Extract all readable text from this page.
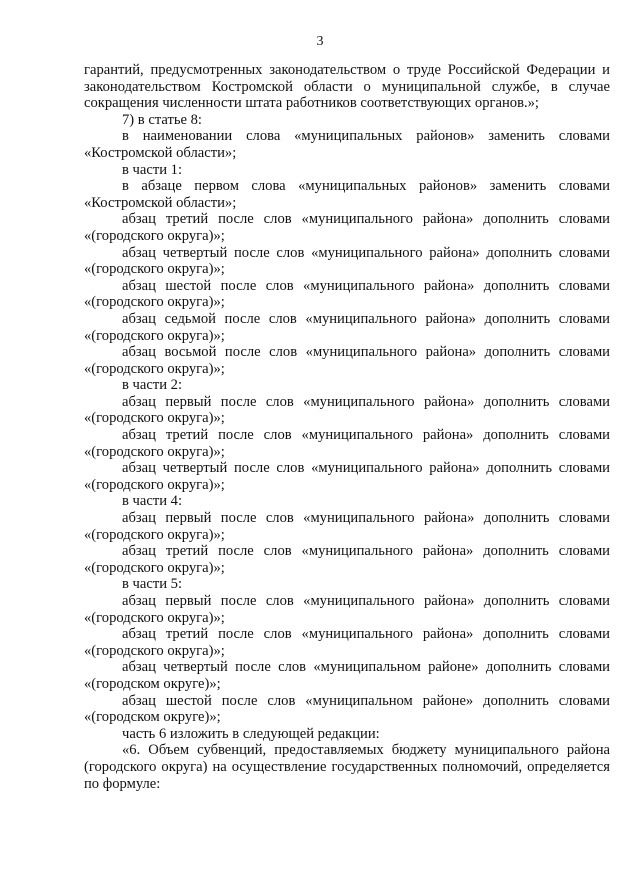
3

гарантий, предусмотренных законодательством о труде Российской Федерации и законодательством Костромской области о муниципальной службе, в случае сокращения численности штата работников соответствующих органов.»;

7) в статье 8:

в наименовании слова «муниципальных районов» заменить словами «Костромской области»;

в части 1:

в абзаце первом слова «муниципальных районов» заменить словами «Костромской области»;

абзац третий после слов «муниципального района» дополнить словами «(городского округа)»;

абзац четвертый после слов «муниципального района» дополнить словами «(городского округа)»;

абзац шестой после слов «муниципального района» дополнить словами «(городского округа)»;

абзац седьмой после слов «муниципального района» дополнить словами «(городского округа)»;

абзац восьмой после слов «муниципального района» дополнить словами «(городского округа)»;

в части 2:

абзац первый после слов «муниципального района» дополнить словами «(городского округа)»;

абзац третий после слов «муниципального района» дополнить словами «(городского округа)»;

абзац четвертый после слов «муниципального района» дополнить словами «(городского округа)»;

в части 4:

абзац первый после слов «муниципального района» дополнить словами «(городского округа)»;

абзац третий после слов «муниципального района» дополнить словами «(городского округа)»;

в части 5:

абзац первый после слов «муниципального района» дополнить словами «(городского округа)»;

абзац третий после слов «муниципального района» дополнить словами «(городского округа)»;

абзац четвертый после слов «муниципальном районе» дополнить словами «(городском округе)»;

абзац шестой после слов «муниципальном районе» дополнить словами «(городском округе)»;

часть 6 изложить в следующей редакции:

«6. Объем субвенций, предоставляемых бюджету муниципального района (городского округа) на осуществление государственных полномочий, определяется по формуле:
